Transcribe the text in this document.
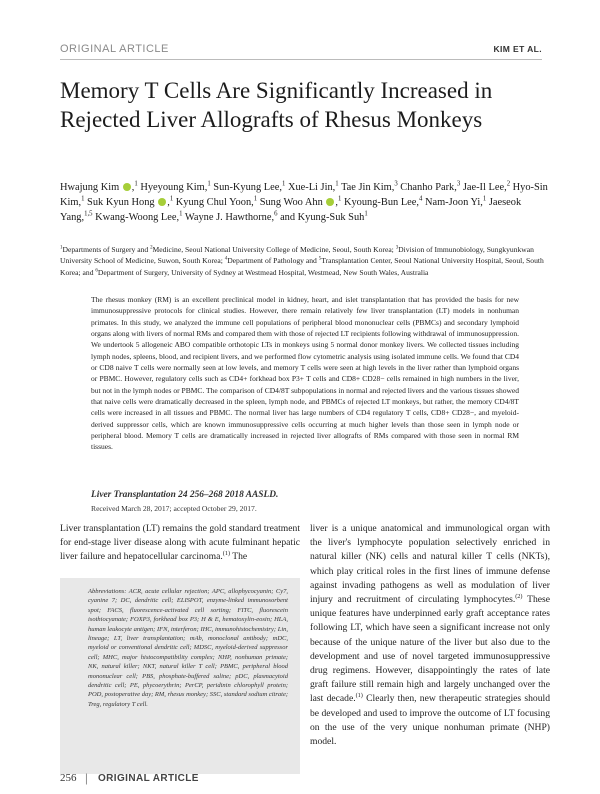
ORIGINAL ARTICLE	KIM ET AL.
Memory T Cells Are Significantly Increased in Rejected Liver Allografts of Rhesus Monkeys
Hwajung Kim ,$^1$ Hyeyoung Kim,$^1$ Sun-Kyung Lee,$^1$ Xue-Li Jin,$^1$ Tae Jin Kim,$^3$ Chanho Park,$^3$ Jae-Il Lee,$^2$ Hyo-Sin Kim,$^1$ Suk Kyun Hong ,$^1$ Kyung Chul Yoon,$^1$ Sung Woo Ahn ,$^1$ Kyoung-Bun Lee,$^4$ Nam-Joon Yi,$^1$ Jaeseok Yang,$^{1,5}$ Kwang-Woong Lee,$^1$ Wayne J. Hawthorne,$^6$ and Kyung-Suk Suh$^1$
$^1$Departments of Surgery and $^2$Medicine, Seoul National University College of Medicine, Seoul, South Korea; $^3$Division of Immunobiology, Sungkyunkwan University School of Medicine, Suwon, South Korea; $^4$Department of Pathology and $^5$Transplantation Center, Seoul National University Hospital, Seoul, South Korea; and $^6$Department of Surgery, University of Sydney at Westmead Hospital, Westmead, New South Wales, Australia
The rhesus monkey (RM) is an excellent preclinical model in kidney, heart, and islet transplantation that has provided the basis for new immunosuppressive protocols for clinical studies. However, there remain relatively few liver transplantation (LT) models in nonhuman primates. In this study, we analyzed the immune cell populations of peripheral blood mononuclear cells (PBMCs) and secondary lymphoid organs along with livers of normal RMs and compared them with those of rejected LT recipients following withdrawal of immunosuppression. We undertook 5 allogeneic ABO compatible orthotopic LTs in monkeys using 5 normal donor monkey livers. We collected tissues including lymph nodes, spleens, blood, and recipient livers, and we performed flow cytometric analysis using isolated immune cells. We found that CD4 or CD8 naive T cells were normally seen at low levels, and memory T cells were seen at high levels in the liver rather than lymphoid organs or PBMC. However, regulatory cells such as CD4+ forkhead box P3+ T cells and CD8+ CD28− cells remained in high numbers in the liver, but not in the lymph nodes or PBMC. The comparison of CD4/8T subpopulations in normal and rejected livers and the various tissues showed that naive cells were dramatically decreased in the spleen, lymph node, and PBMCs of rejected LT monkeys, but rather, the memory CD4/8T cells were increased in all tissues and PBMC. The normal liver has large numbers of CD4 regulatory T cells, CD8+ CD28−, and myeloid-derived suppressor cells, which are known immunosuppressive cells occurring at much higher levels than those seen in lymph node or peripheral blood. Memory T cells are dramatically increased in rejected liver allografts of RMs compared with those seen in normal RM tissues.
Liver Transplantation 24 256–268 2018 AASLD.
Received March 28, 2017; accepted October 29, 2017.

Liver transplantation (LT) remains the gold standard treatment for end-stage liver disease along with acute fulminant hepatic liver failure and hepatocellular carcinoma.$^{(1)}$ The

Abbreviations: ACR, acute cellular rejection; APC, allophycocyanin; Cy7, cyanine 7; DC, dendritic cell; ELISPOT, enzyme-linked immunosorbent spot; FACS, fluorescence-activated cell sorting; FITC, fluorescein isothiocyanate; FOXP3, forkhead box P3; H & E, hematoxylin-eosin; HLA, human leukocyte antigen; IFN, interferon; IHC, immunohistochemistry; Lin, lineage; LT, liver transplantation; mAb, monoclonal antibody; mDC, myeloid or conventional dendritic cell; MDSC, myeloid-derived suppressor cell; MHC, major histocompatibility complex; NHP, nonhuman primate; NK, natural killer; NKT, natural killer T cell; PBMC, peripheral blood mononuclear cell; PBS, phosphate-buffered saline; pDC, plasmacytoid dendritic cell; PE, phycoerythrin; PerCP, peridinin chlorophyll protein; POD, postoperative day; RM, rhesus monkey; SSC, standard sodium citrate; Treg, regulatory T cell.

liver is a unique anatomical and immunological organ with the liver's lymphocyte population selectively enriched in natural killer (NK) cells and natural killer T cells (NKTs), which play critical roles in the first lines of immune defense against invading pathogens as well as modulation of liver injury and recruitment of circulating lymphocytes.$^{(2)}$ These unique features have underpinned early graft acceptance rates following LT, which have seen a significant increase not only because of the unique nature of the liver but also due to the development and use of novel targeted immunosuppressive drug regimens. However, disappointingly the rates of late graft failure still remain high and largely unchanged over the last decade.$^{(1)}$ Clearly then, new therapeutic strategies should be developed and used to improve the outcome of LT focusing on the use of the very unique nonhuman primate (NHP) model.

256 | ORIGINAL ARTICLE
